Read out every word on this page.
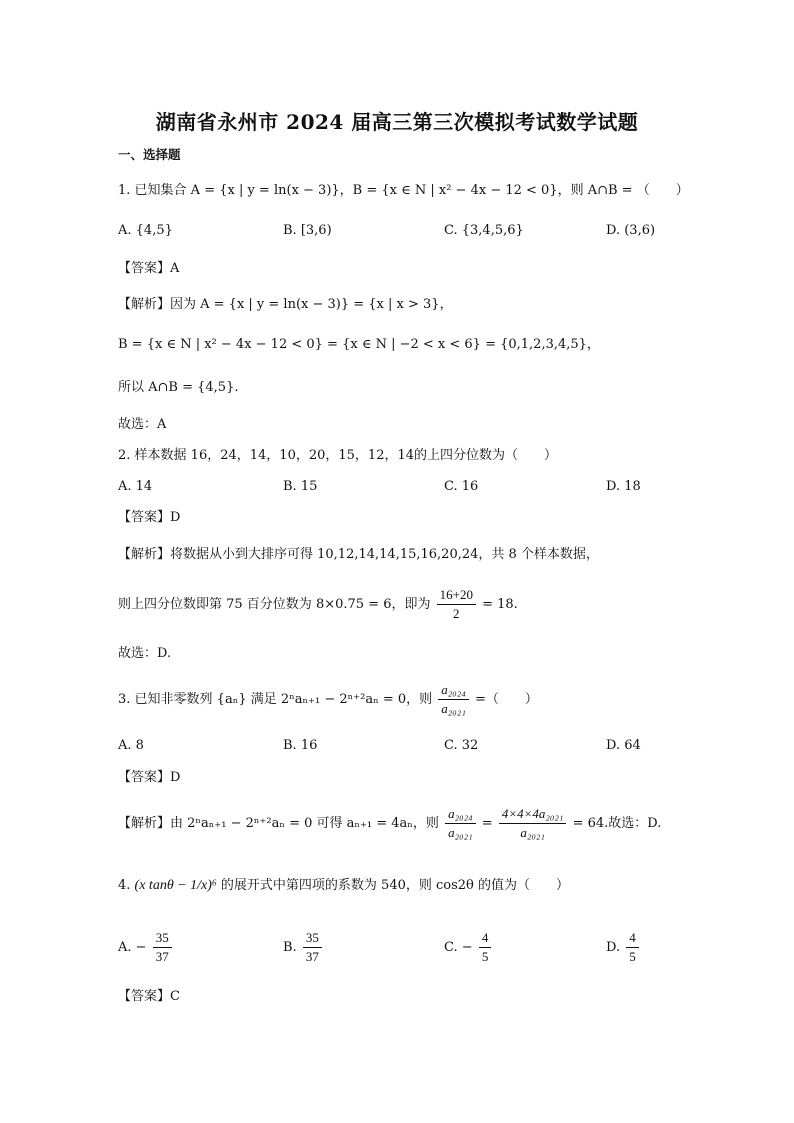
湖南省永州市 2024 届高三第三次模拟考试数学试题
一、选择题
1. 已知集合 A = {x | y = ln(x − 3)}，B = {x ∈ N | x² − 4x − 12 < 0}，则 A∩B = （　　）
A. {4,5}	B. [3,6)	C. {3,4,5,6}	D. (3,6)
【答案】A
【解析】因为 A = {x | y = ln(x − 3)} = {x | x > 3}，
B = {x ∈ N | x² − 4x − 12 < 0} = {x ∈ N | −2 < x < 6} = {0,1,2,3,4,5}，
所以 A∩B = {4,5}.
故选：A
2. 样本数据 16，24，14，10，20，15，12，14的上四分位数为（　　）
A. 14	B. 15	C. 16	D. 18
【答案】D
【解析】将数据从小到大排序可得 10,12,14,14,15,16,20,24，共 8 个样本数据，
则上四分位数即第 75 百分位数为 8×0.75 = 6，即为 $\frac{16+20}{2} = 18$.
故选：D.
3. 已知非零数列 {aₙ} 满足 2ⁿaₙ₊₁ − 2ⁿ⁺²aₙ = 0，则 $\frac{\text{a₂₀₂₄}}{\text{a₂₀₂₁}}$ =（　　）
A. 8	B. 16	C. 32	D. 64
【答案】D
【解析】由 2ⁿaₙ₊₁ − 2ⁿ⁺²aₙ = 0 可得 aₙ₊₁ = 4aₙ，则 $\frac{\text{a₂₀₂₄}}{\text{a₂₀₂₁}} = \frac{\text{4×4×4a₂₀₂₁}}{\text{a₂₀₂₁}} = 64$.故选：D.
4. (x tanθ − 1/x)⁶ 的展开式中第四项的系数为 540，则 cos2θ 的值为（　　）
A. − $\frac{35}{37}$	B. $\frac{35}{37}$	C. − $\frac{4}{5}$	D. $\frac{4}{5}$
【答案】C
